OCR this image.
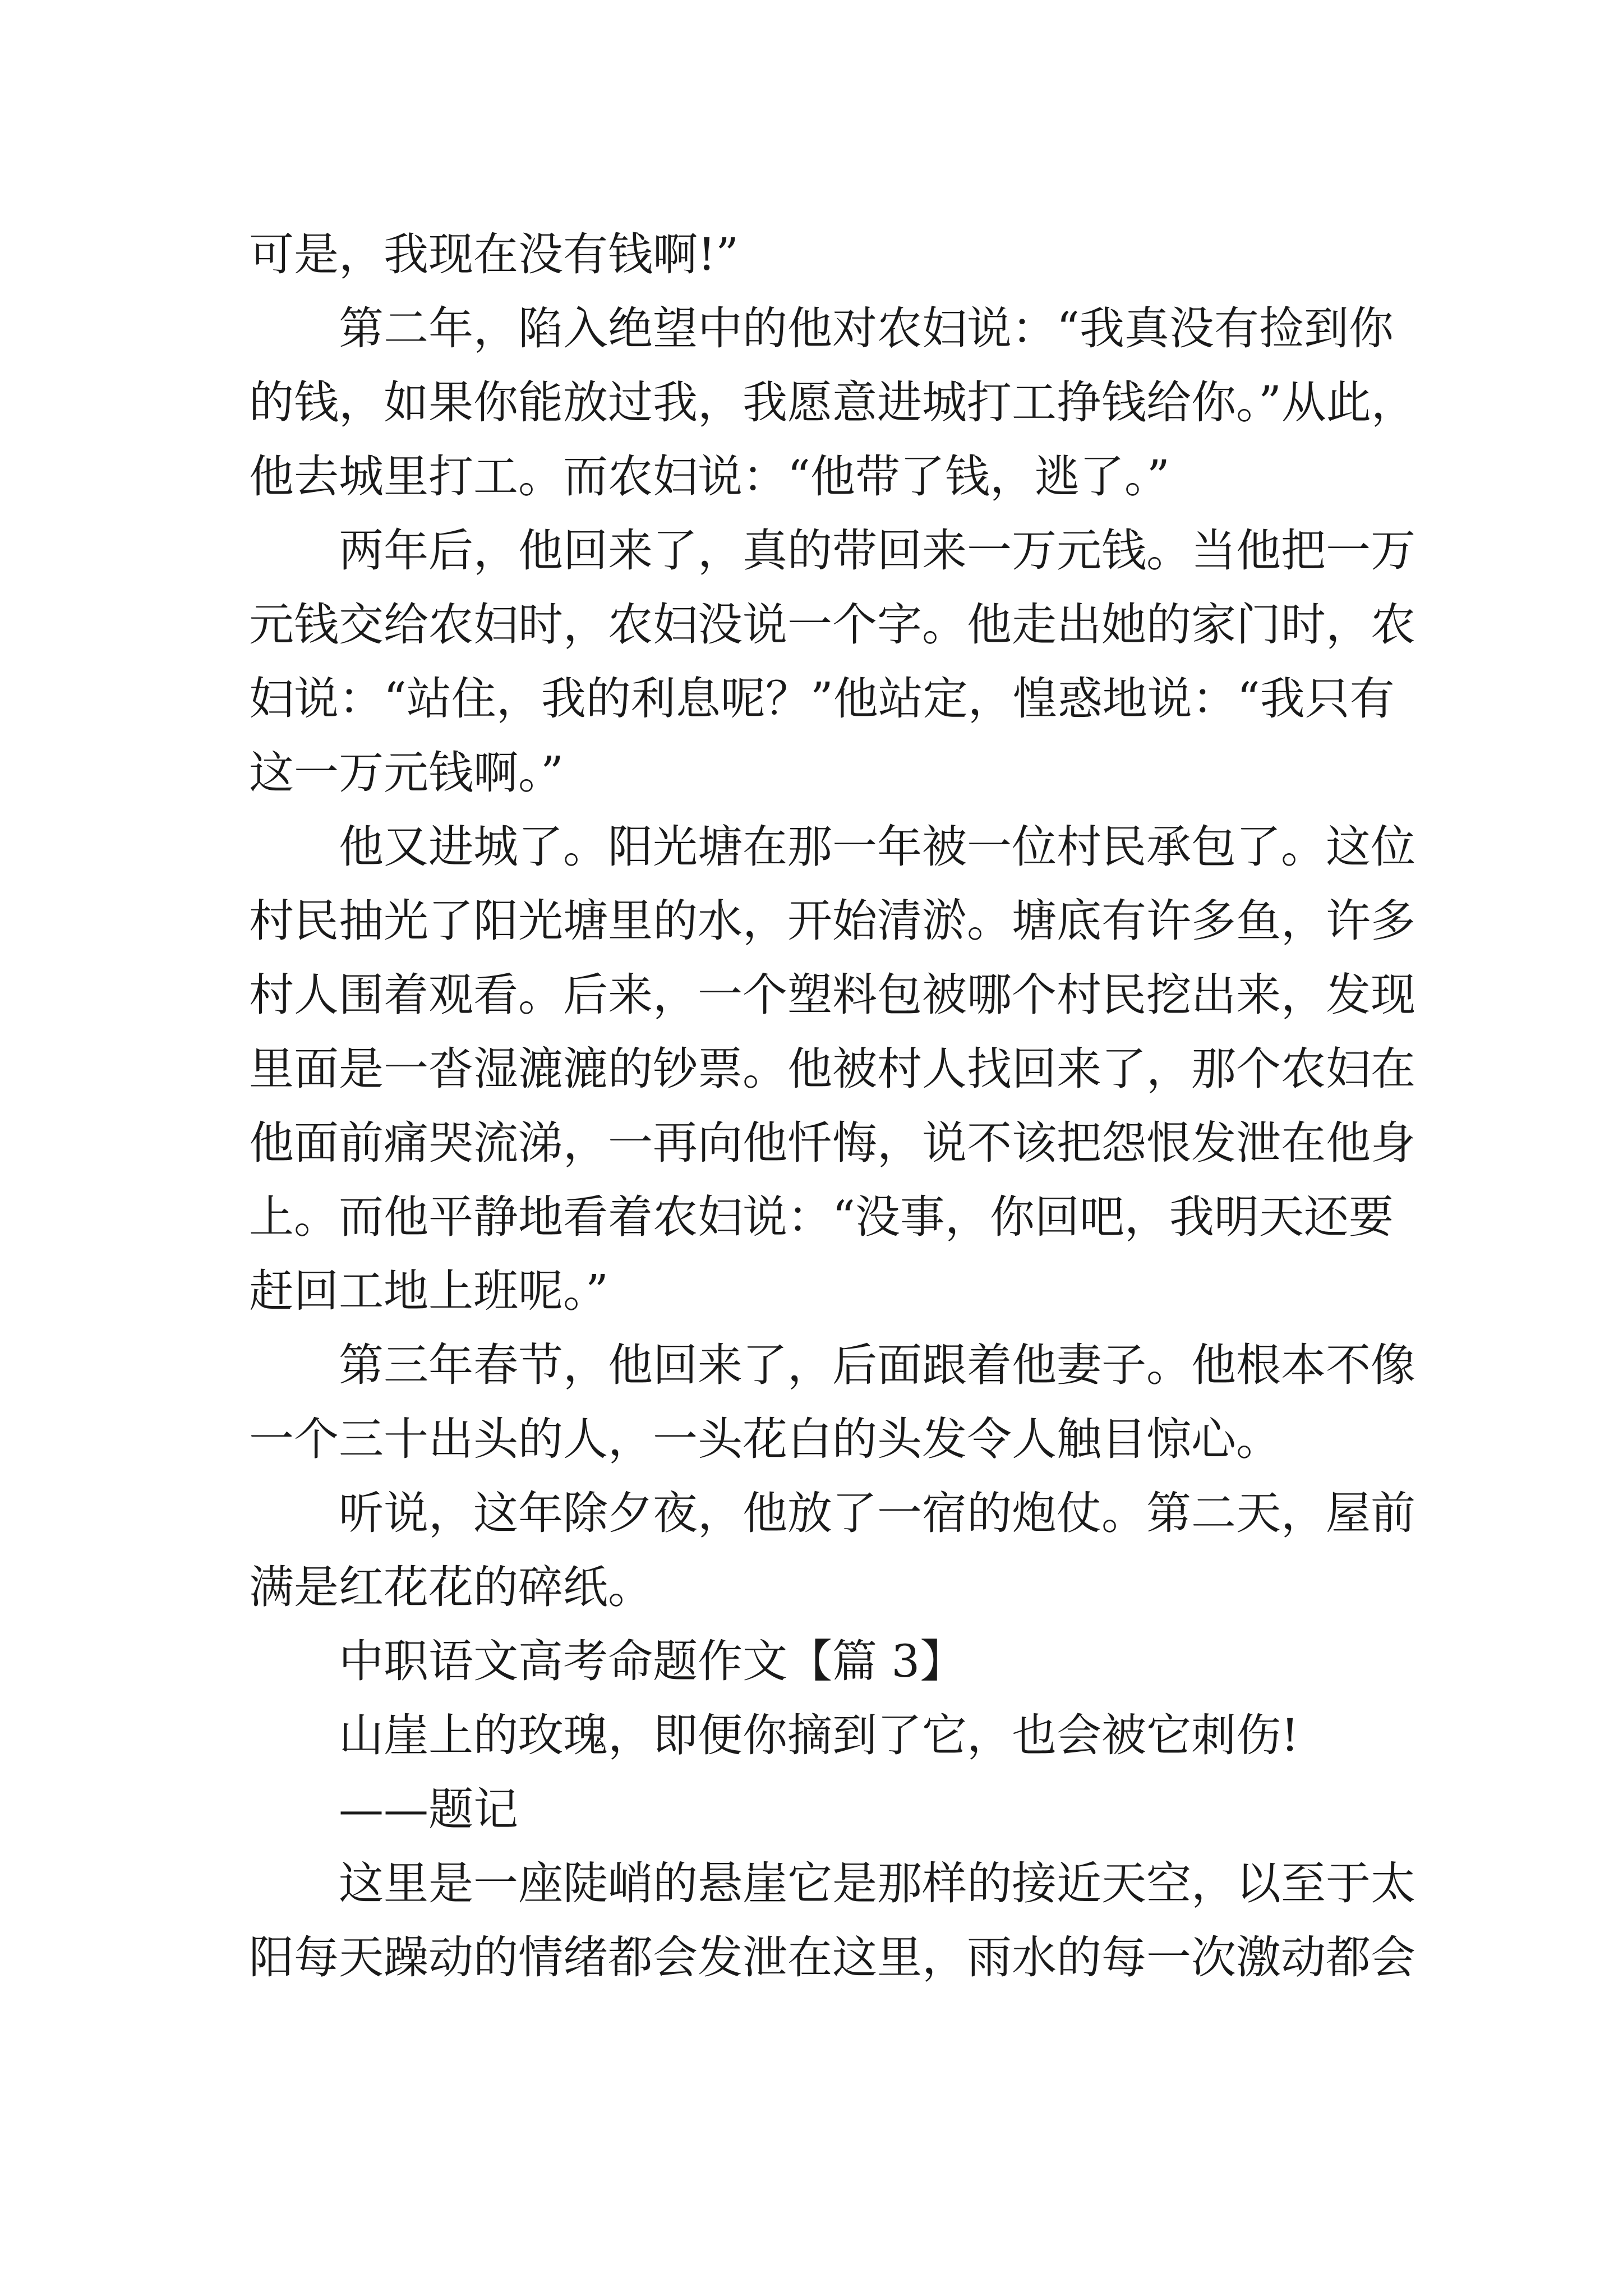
可是，我现在没有钱啊!”
第二年，陷入绝望中的他对农妇说：“我真没有捡到你
的钱，如果你能放过我，我愿意进城打工挣钱给你。”从此，
他去城里打工。而农妇说：“他带了钱，逃了。”
两年后，他回来了，真的带回来一万元钱。当他把一万
元钱交给农妇时，农妇没说一个字。他走出她的家门时，农
妇说：“站住，我的利息呢？”他站定，惶惑地说：“我只有
这一万元钱啊。”
他又进城了。阳光塘在那一年被一位村民承包了。这位
村民抽光了阳光塘里的水，开始清淤。塘底有许多鱼，许多
村人围着观看。后来，一个塑料包被哪个村民挖出来，发现
里面是一沓湿漉漉的钞票。他被村人找回来了，那个农妇在
他面前痛哭流涕，一再向他忏悔，说不该把怨恨发泄在他身
上。而他平静地看着农妇说：“没事，你回吧，我明天还要
赶回工地上班呢。”
第三年春节，他回来了，后面跟着他妻子。他根本不像
一个三十出头的人，一头花白的头发令人触目惊心。
听说，这年除夕夜，他放了一宿的炮仗。第二天，屋前
满是红花花的碎纸。
中职语文高考命题作文【篇 3】
山崖上的玫瑰，即便你摘到了它，也会被它刺伤!
——题记
这里是一座陡峭的悬崖它是那样的接近天空，以至于太
阳每天躁动的情绪都会发泄在这里，雨水的每一次激动都会
